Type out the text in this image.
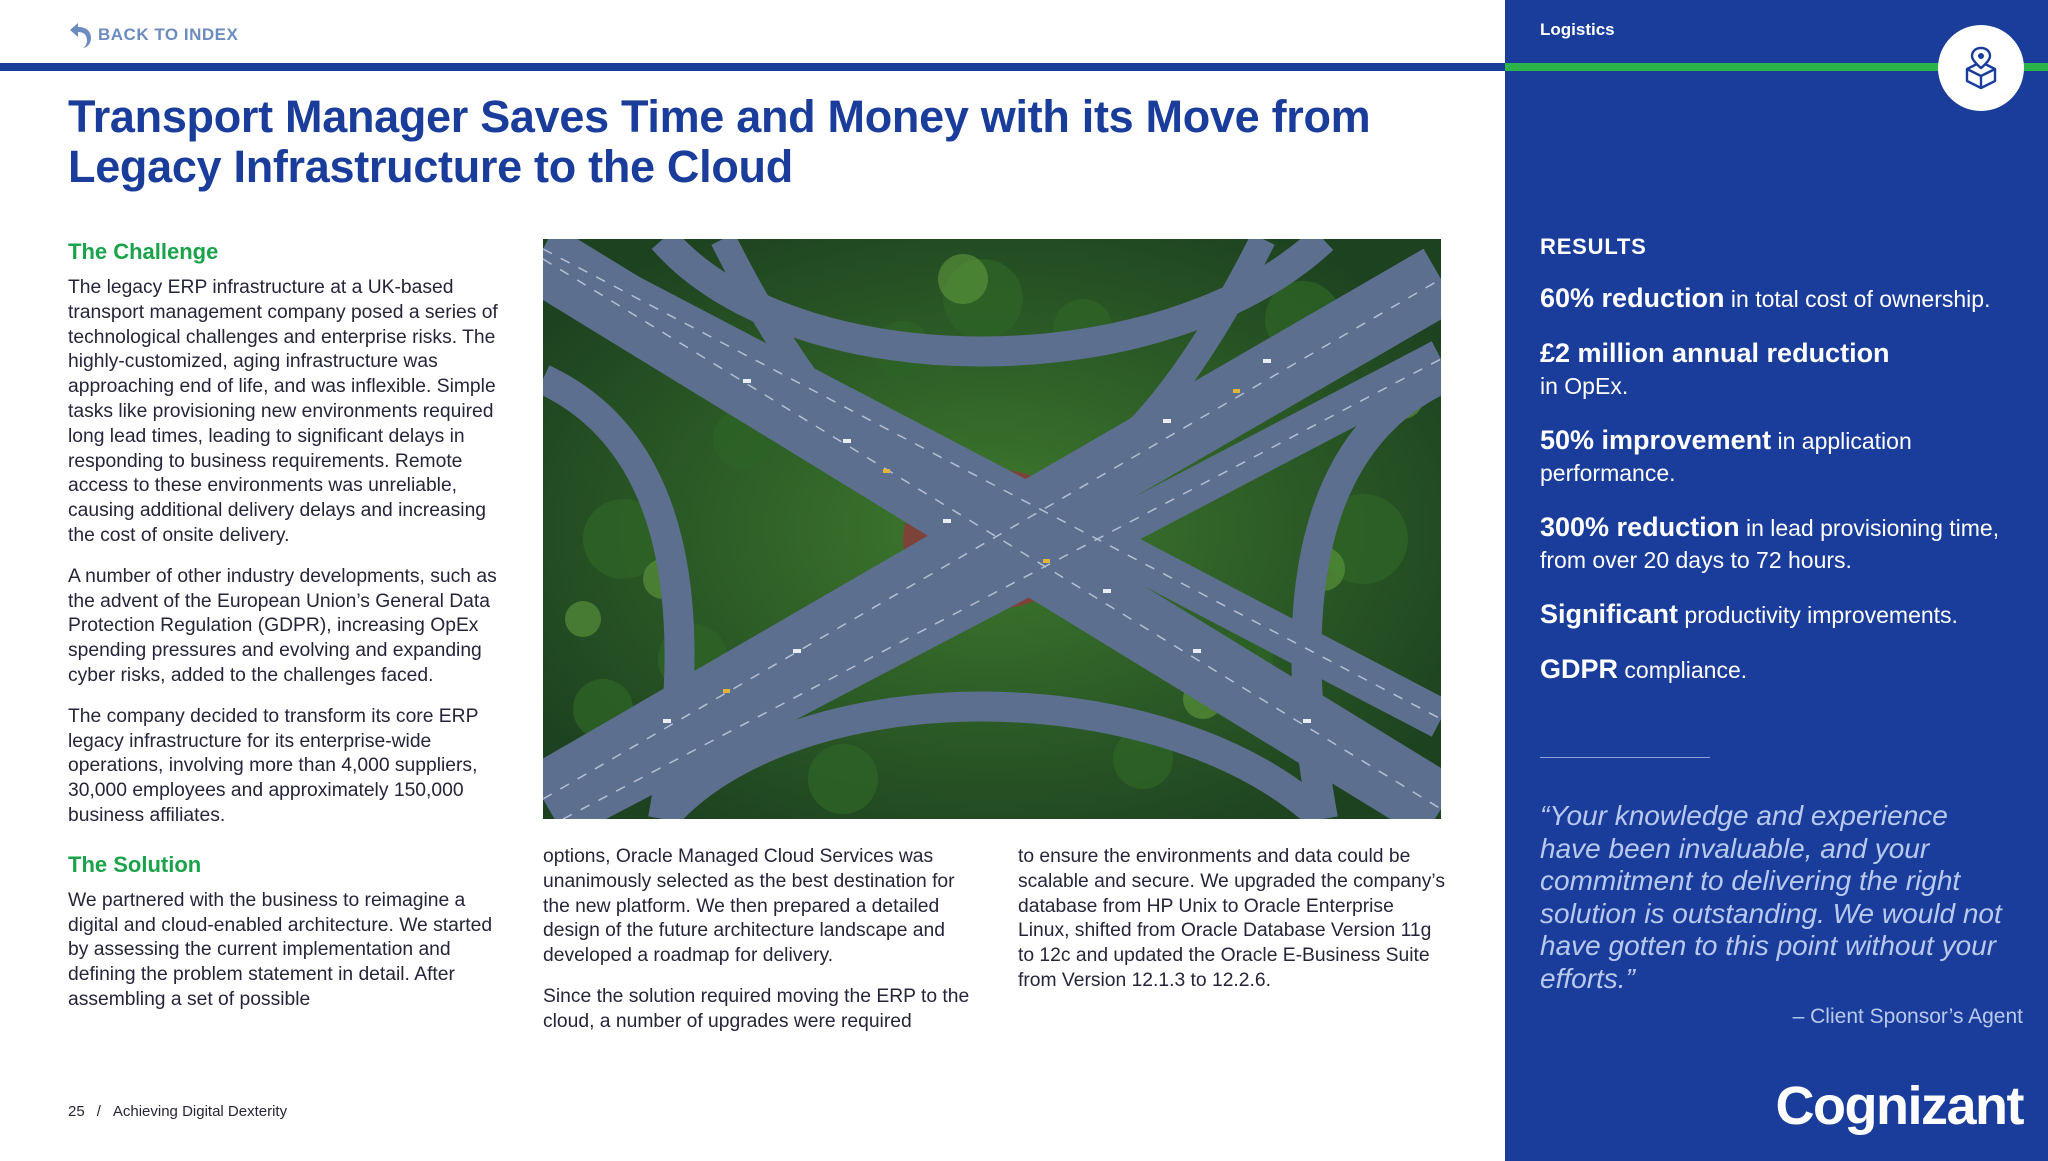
BACK TO INDEX
Transport Manager Saves Time and Money with its Move from Legacy Infrastructure to the Cloud
The Challenge

The legacy ERP infrastructure at a UK-based transport management company posed a series of technological challenges and enterprise risks. The highly-customized, aging infrastructure was approaching end of life, and was inflexible. Simple tasks like provisioning new environments required long lead times, leading to significant delays in responding to business requirements. Remote access to these environments was unreliable, causing additional delivery delays and increasing the cost of onsite delivery.

A number of other industry developments, such as the advent of the European Union’s General Data Protection Regulation (GDPR), increasing OpEx spending pressures and evolving and expanding cyber risks, added to the challenges faced.

The company decided to transform its core ERP legacy infrastructure for its enterprise-wide operations, involving more than 4,000 suppliers, 30,000 employees and approximately 150,000 business affiliates.

The Solution

We partnered with the business to reimagine a digital and cloud-enabled architecture. We started by assessing the current implementation and defining the problem statement in detail. After assembling a set of possible

options, Oracle Managed Cloud Services was unanimously selected as the best destination for the new platform. We then prepared a detailed design of the future architecture landscape and developed a roadmap for delivery.

Since the solution required moving the ERP to the cloud, a number of upgrades were required

to ensure the environments and data could be scalable and secure. We upgraded the company’s database from HP Unix to Oracle Enterprise Linux, shifted from Oracle Database Version 11g to 12c and updated the Oracle E-Business Suite from Version 12.1.3 to 12.2.6.

25 / Achieving Digital Dexterity
Logistics
RESULTS

60% reduction in total cost of ownership.

£2 million annual reduction
in OpEx.

50% improvement in application performance.

300% reduction in lead provisioning time, from over 20 days to 72 hours.

Significant productivity improvements.

GDPR compliance.

“Your knowledge and experience have been invaluable, and your commitment to delivering the right solution is outstanding. We would not have gotten to this point without your efforts.”

– Client Sponsor’s Agent
Cognizant
